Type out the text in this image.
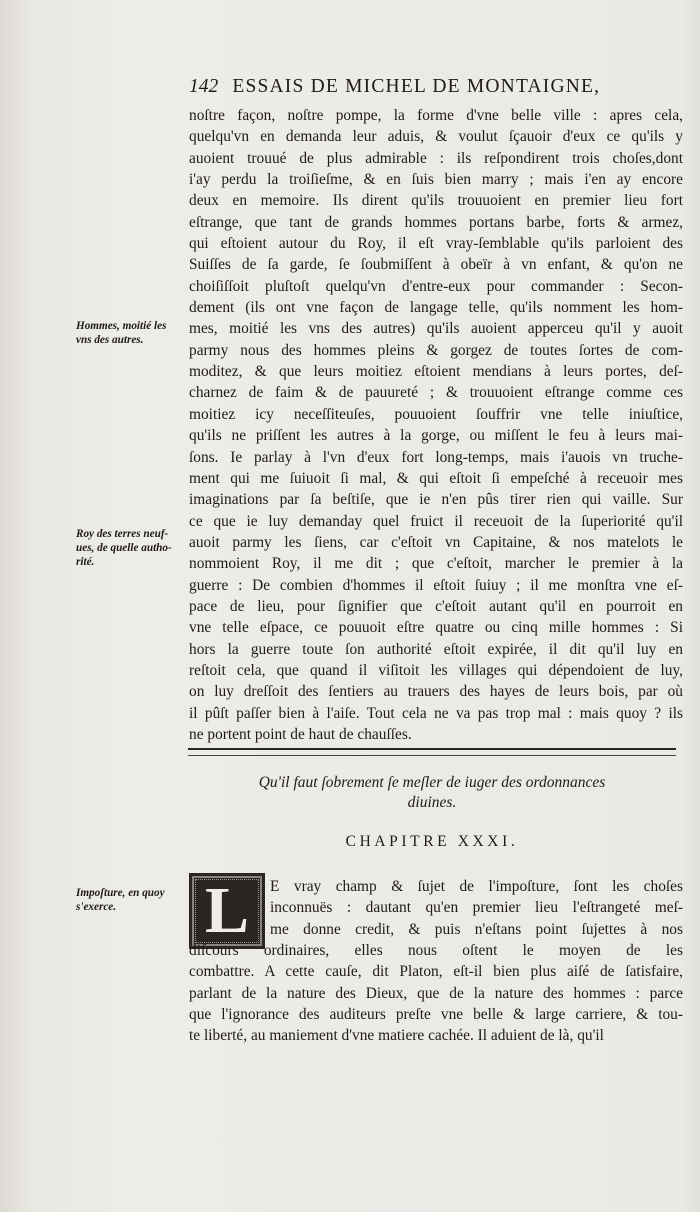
142 ESSAIS DE MICHEL DE MONTAIGNE,
noſtre façon, noſtre pompe, la forme d'vne belle ville : apres cela,
quelqu'vn en demanda leur aduis, & voulut ſçauoir d'eux ce qu'ils y
auoient trouué de plus admirable : ils reſpondirent trois choſes,dont
i'ay perdu la troiſieſme, & en ſuis bien marry ; mais i'en ay encore
deux en memoire. Ils dirent qu'ils trouuoient en premier lieu fort
eſtrange, que tant de grands hommes portans barbe, forts & armez,
qui eſtoient autour du Roy, il eſt vray-ſemblable qu'ils parloient des
Suiſſes de ſa garde, ſe ſoubmiſſent à obeïr à vn enfant, & qu'on ne
choiſiſſoit pluſtoſt quelqu'vn d'entre-eux pour commander : Secon-
dement (ils ont vne façon de langage telle, qu'ils nomment les hom-
mes, moitié les vns des autres) qu'ils auoient apperceu qu'il y auoit
parmy nous des hommes pleins & gorgez de toutes ſortes de com-
moditez, & que leurs moitiez eſtoient mendians à leurs portes, deſ-
charnez de faim & de pauureté ; & trouuoient eſtrange comme ces
moitiez icy neceſſiteuſes, pouuoient ſouffrir vne telle iniuſtice,
qu'ils ne priſſent les autres à la gorge, ou miſſent le feu à leurs mai-
ſons. Ie parlay à l'vn d'eux fort long-temps, mais i'auois vn truche-
ment qui me ſuiuoit ſi mal, & qui eſtoit ſi empeſché à receuoir mes
imaginations par ſa beſtiſe, que ie n'en pûs tirer rien qui vaille. Sur
ce que ie luy demanday quel fruict il receuoit de la ſuperiorité qu'il
auoit parmy les ſiens, car c'eſtoit vn Capitaine, & nos matelots le
nommoient Roy, il me dit ; que c'eſtoit, marcher le premier à la
guerre : De combien d'hommes il eſtoit ſuiuy ; il me monſtra vne eſ-
pace de lieu, pour ſignifier que c'eſtoit autant qu'il en pourroit en
vne telle eſpace, ce pouuoit eſtre quatre ou cinq mille hommes : Si
hors la guerre toute ſon authorité eſtoit expirée, il dit qu'il luy en
reſtoit cela, que quand il viſitoit les villages qui dépendoient de luy,
on luy dreſſoit des ſentiers au trauers des hayes de leurs bois, par où
il pûſt paſſer bien à l'aiſe. Tout cela ne va pas trop mal : mais quoy ? ils
ne portent point de haut de chauſſes.
Hommes, moitié les
vns des autres.
Roy des terres neuf-
ues, de quelle autho-
rité.
Impoſture, en quoy
s'exerce.
Qu'il faut ſobrement ſe meſler de iuger des ordonnances
diuines.
CHAPITRE XXXI.
L	E vray champ & ſujet de l'impoſture, ſont les choſes
inconnuës : dautant qu'en premier lieu l'eſtrangeté meſ-
me donne credit, & puis n'eſtans point ſujettes à nos
diſcours ordinaires, elles nous oſtent le moyen de les
combattre. A cette cauſe, dit Platon, eſt-il bien plus aiſé de ſatisfaire,
parlant de la nature des Dieux, que de la nature des hommes : parce
que l'ignorance des auditeurs preſte vne belle & large carriere, & tou-
te liberté, au maniement d'vne matiere cachée. Il aduient de là, qu'il
